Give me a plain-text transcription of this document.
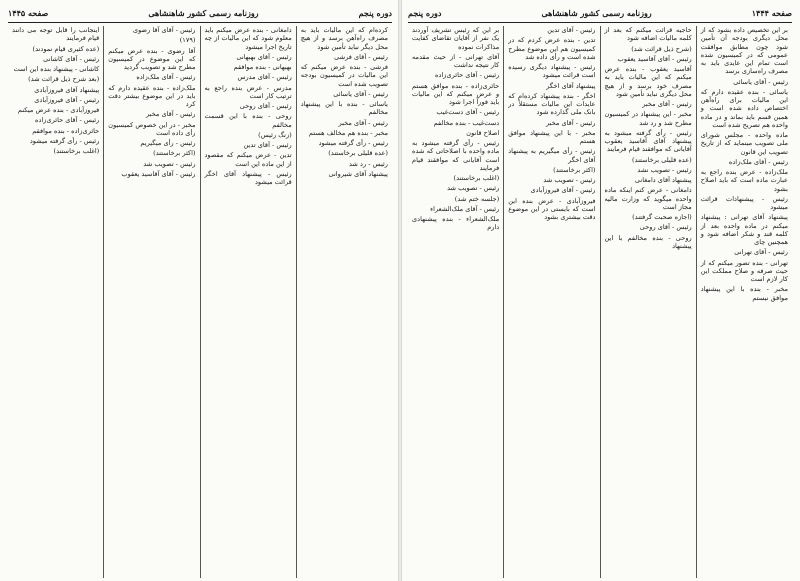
دوره پنجم
روزنامه رسمی کشور شاهنشاهی
صفحه ۱۴۴۵

کرده‌ام که این مالیات باید به مصرف راه‌آهن برسد و از هیچ محل دیگر نباید تأمین شود

رئیس - آقای فرشی

فرشی - بنده عرض میکنم که این مالیات در کمیسیون بودجه تصویب شده است

رئیس - آقای یاسائی

یاسائی - بنده با این پیشنهاد مخالفم

رئیس - آقای مخبر

مخبر - بنده هم مخالف هستم

رئیس - رأی گرفته میشود

(عده قلیلی برخاستند)

رئیس - رد شد

پیشنهاد آقای شیروانی

دامغانی - بنده عرض میکنم باید معلوم شود که این مالیات از چه تاریخ اجرا میشود

رئیس - آقای بهبهانی

بهبهانی - بنده موافقم

رئیس - آقای مدرس

مدرس - عرض بنده راجع به ترتیب کار است

رئیس - آقای روحی

روحی - بنده با این قسمت مخالفم

(زنگ رئیس)

رئیس - آقای تدین

تدین - عرض میکنم که مقصود از این ماده این است

رئیس - پیشنهاد آقای اخگر قرائت میشود

رئیس - آقای آقا رضوی

(۱۷۹)

آقا رضوی - بنده عرض میکنم که این موضوع در کمیسیون مطرح شد و تصویب گردید

رئیس - آقای ملک‌زاده

ملک‌زاده - بنده عقیده دارم که باید در این موضوع بیشتر دقت کرد

رئیس - آقای مخبر

مخبر - در این خصوص کمیسیون رأی داده است

رئیس - رأی میگیریم

(اکثر برخاستند)

رئیس - تصویب شد

رئیس - آقای آقاسید یعقوب

اینجانب را قابل توجه می دانند قیام فرمایند

(عده کثیری قیام نمودند)

رئیس - آقای کاشانی

کاشانی - پیشنهاد بنده این است

(بعد شرح ذیل قرائت شد)

پیشنهاد آقای فیروزآبادی

رئیس - آقای فیروزآبادی

فیروزآبادی - بنده عرض میکنم

رئیس - آقای حائری‌زاده

حائری‌زاده - بنده موافقم

رئیس - رأی گرفته میشود

(اغلب برخاستند)

صفحه ۱۴۴۴
روزنامه رسمی کشور شاهنشاهی
دوره پنجم

بر این تخصیص داده بشود که از محل دیگری بودجه آن تأمین شود چون مطابق موافقت عمومی که در کمیسیون شده است تمام این عایدی باید به مصرف راه‌سازی برسد

رئیس - آقای یاسائی

یاسائی - بنده عقیده دارم که این مالیات برای راه‌آهن اختصاص داده شده است و همین قسم باید بماند و در ماده واحده هم تصریح شده است

ماده واحده - مجلس شورای ملی تصویب مینماید که از تاریخ تصویب این قانون

رئیس - آقای ملک‌زاده

ملک‌زاده - عرض بنده راجع به عبارت ماده است که باید اصلاح بشود

رئیس - پیشنهادات قرائت میشود

پیشنهاد آقای تهرانی : پیشنهاد میکنم در ماده واحده بعد از کلمه قند و شکر اضافه شود و همچنین چای

رئیس - آقای تهرانی

تهرانی - بنده تصور میکنم که از حیث صرفه و صلاح مملکت این کار لازم است

مخبر - بنده با این پیشنهاد موافق نیستم

حاجیه قرائت میکنم که بعد از کلمه مالیات اضافه شود

(شرح ذیل قرائت شد)

رئیس - آقای آقاسید یعقوب

آقاسید یعقوب - بنده عرض میکنم که این مالیات باید به مصرف خود برسد و از هیچ محل دیگری نباید تأمین شود

رئیس - آقای مخبر

مخبر - این پیشنهاد در کمیسیون مطرح شد و رد شد

رئیس - رأی گرفته میشود به پیشنهاد آقای آقاسید یعقوب آقایانی که موافقند قیام فرمایند

(عده قلیلی برخاستند)

رئیس - تصویب نشد

پیشنهاد آقای دامغانی

دامغانی - عرض کنم اینکه ماده واحده میگوید که وزارت مالیه مجاز است

(اجازه صحبت گرفتند)

رئیس - آقای روحی

روحی - بنده مخالفم با این پیشنهاد

رئیس - آقای تدین

تدین - بنده عرض کردم که در کمیسیون هم این موضوع مطرح شده است و رأی داده شد

رئیس - پیشنهاد دیگری رسیده است قرائت میشود

پیشنهاد آقای اخگر

اخگر - بنده پیشنهاد کرده‌ام که عایدات این مالیات مستقلاً در بانک ملی گذارده شود

رئیس - آقای مخبر

مخبر - با این پیشنهاد موافق هستم

رئیس - رأی میگیریم به پیشنهاد آقای اخگر

(اکثر برخاستند)

رئیس - تصویب شد

رئیس - آقای فیروزآبادی

فیروزآبادی - عرض بنده این است که بایستی در این موضوع دقت بیشتری بشود

بر این که رئیس تشریف آوردند یک نفر از آقایان تقاضای کفایت مذاکرات نموده

آقای تهرانی - از حیث مقدمه کار نتیجه نداشت

رئیس - آقای حائری‌زاده

حائری‌زاده - بنده موافق هستم و عرض میکنم که این مالیات باید فوراً اجرا شود

رئیس - آقای دست‌غیب

دست‌غیب - بنده مخالفم

اصلاح قانون

رئیس - رأی گرفته میشود به ماده واحده با اصلاحاتی که شده است آقایانی که موافقند قیام فرمایند

(اغلب برخاستند)

رئیس - تصویب شد

(جلسه ختم شد)

رئیس - آقای ملک‌الشعراء

ملک‌الشعراء - بنده پیشنهادی دارم
